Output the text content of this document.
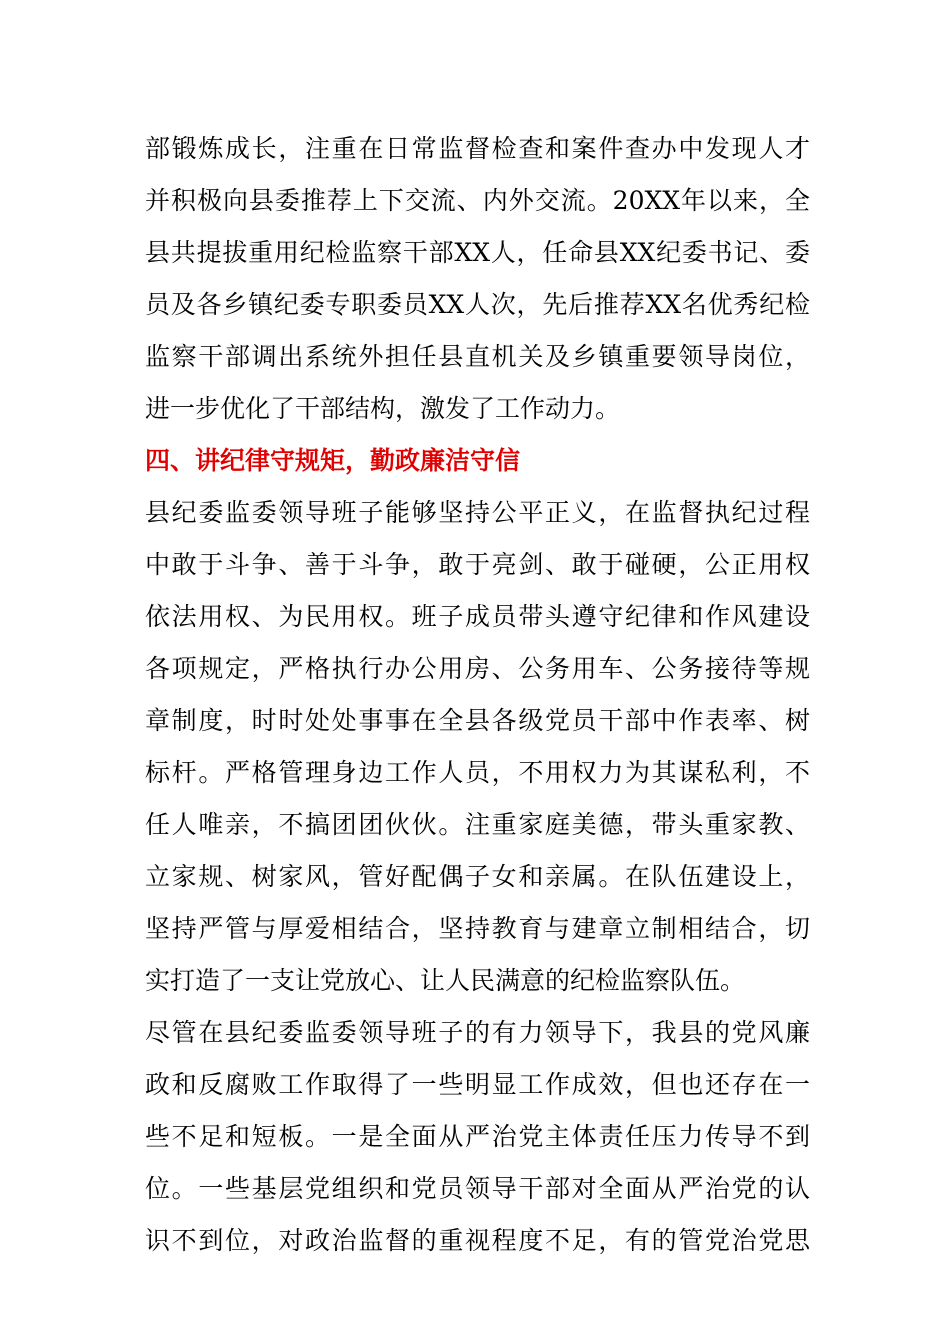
部锻炼成长，注重在日常监督检查和案件查办中发现人才
并积极向县委推荐上下交流、内外交流。20XX年以来，全
县共提拔重用纪检监察干部XX人，任命县XX纪委书记、委
员及各乡镇纪委专职委员XX人次，先后推荐XX名优秀纪检
监察干部调出系统外担任县直机关及乡镇重要领导岗位，
进一步优化了干部结构，激发了工作动力。
四、讲纪律守规矩，勤政廉洁守信
县纪委监委领导班子能够坚持公平正义，在监督执纪过程
中敢于斗争、善于斗争，敢于亮剑、敢于碰硬，公正用权
依法用权、为民用权。班子成员带头遵守纪律和作风建设
各项规定，严格执行办公用房、公务用车、公务接待等规
章制度，时时处处事事在全县各级党员干部中作表率、树
标杆。严格管理身边工作人员，不用权力为其谋私利，不
任人唯亲，不搞团团伙伙。注重家庭美德，带头重家教、
立家规、树家风，管好配偶子女和亲属。在队伍建设上，
坚持严管与厚爱相结合，坚持教育与建章立制相结合，切
实打造了一支让党放心、让人民满意的纪检监察队伍。
尽管在县纪委监委领导班子的有力领导下，我县的党风廉
政和反腐败工作取得了一些明显工作成效，但也还存在一
些不足和短板。一是全面从严治党主体责任压力传导不到
位。一些基层党组织和党员领导干部对全面从严治党的认
识不到位，对政治监督的重视程度不足，有的管党治党思
